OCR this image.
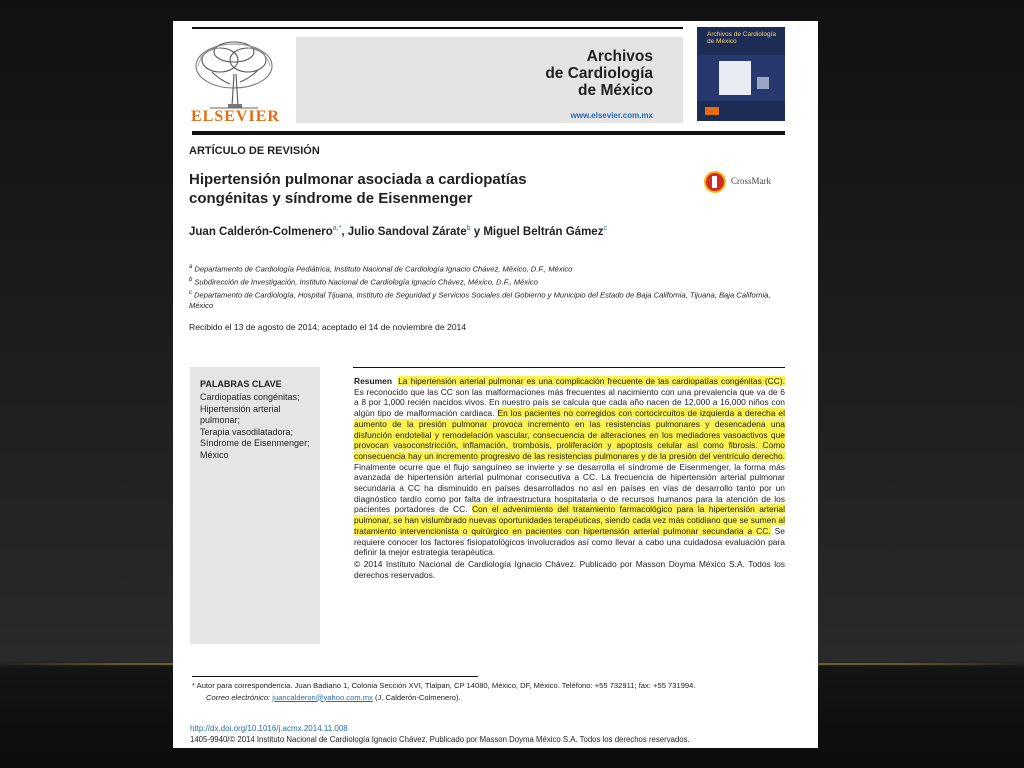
ELSEVIER
Archivos
de Cardiología
de México
www.elsevier.com.mx
Archivos de Cardiología de México
ARTÍCULO DE REVISIÓN
Hipertensión pulmonar asociada a cardiopatías
congénitas y síndrome de Eisenmenger
CrossMark
Juan Calderón-Colmenero$^{a,*}$, Julio Sandoval Zárate$^b$ y Miguel Beltrán Gámez$^c$
$^a$ Departamento de Cardiología Pediátrica, Instituto Nacional de Cardiología Ignacio Chávez, México, D.F., México
$^b$ Subdirección de Investigación, Instituto Nacional de Cardiología Ignacio Chávez, México, D.F., México
$^c$ Departamento de Cardiología, Hospital Tijuana, Instituto de Seguridad y Servicios Sociales del Gobierno y Municipio del Estado de Baja California, Tijuana, Baja California, México
Recibido el 13 de agosto de 2014; aceptado el 14 de noviembre de 2014
PALABRAS CLAVE
Cardiopatías congénitas;
Hipertensión arterial pulmonar;
Terapia vasodilatadora;
Síndrome de Eisenmenger;
México
Resumen La hipertensión arterial pulmonar es una complicación frecuente de las cardiopatías congénitas (CC). Es reconocido que las CC son las malformaciones más frecuentes al nacimiento con una prevalencia que va de 6 a 8 por 1,000 recién nacidos vivos. En nuestro país se calcula que cada año nacen de 12,000 a 16,000 niños con algún tipo de malformación cardiaca. En los pacientes no corregidos con cortocircuitos de izquierda a derecha el aumento de la presión pulmonar provoca incremento en las resistencias pulmonares y desencadena una disfunción endotelial y remodelación vascular, consecuencia de alteraciones en los mediadores vasoactivos que provocan vasoconstricción, inflamación, trombosis, proliferación y apoptosis celular así como fibrosis. Como consecuencia hay un incremento progresivo de las resistencias pulmonares y de la presión del ventrículo derecho. Finalmente ocurre que el flujo sanguíneo se invierte y se desarrolla el síndrome de Eisenmenger, la forma más avanzada de hipertensión arterial pulmonar consecutiva a CC. La frecuencia de hipertensión arterial pulmonar secundaria a CC ha disminuido en países desarrollados no así en países en vías de desarrollo tanto por un diagnóstico tardío como por falta de infraestructura hospitalaria o de recursos humanos para la atención de los pacientes portadores de CC. Con el advenimiento del tratamiento farmacológico para la hipertensión arterial pulmonar, se han vislumbrado nuevas oportunidades terapéuticas, siendo cada vez más cotidiano que se sumen al tratamiento intervencionista o quirúrgico en pacientes con hipertensión arterial pulmonar secundaria a CC. Se requiere conocer los factores fisiopatológicos involucrados así como llevar a cabo una cuidadosa evaluación para definir la mejor estrategia terapéutica.
© 2014 Instituto Nacional de Cardiología Ignacio Chávez. Publicado por Masson Doyma México S.A. Todos los derechos reservados.
* Autor para correspondencia. Juan Badiano 1, Colonia Sección XVI, Tlalpan, CP 14080, México, DF, México. Teléfono: +55 732911; fax: +55 731994.
Correo electrónico: juancalderon@yahoo.com.mx (J. Calderón-Colmenero).
http://dx.doi.org/10.1016/j.acmx.2014.11.008
1405-9940/© 2014 Instituto Nacional de Cardiología Ignacio Chávez. Publicado por Masson Doyma México S.A. Todos los derechos reservados.
